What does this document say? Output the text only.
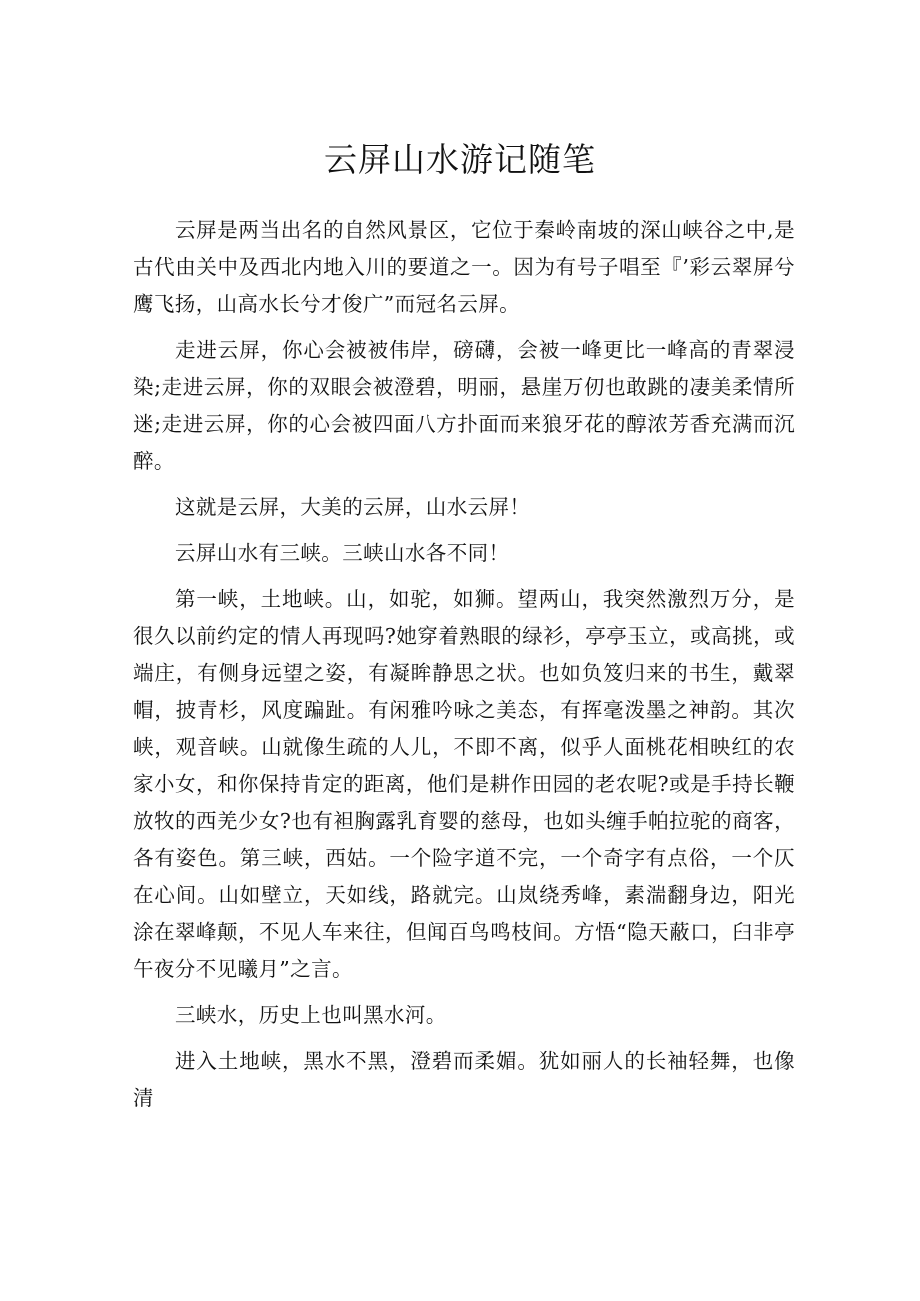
云屏山水游记随笔

云屏是两当出名的自然风景区，它位于秦岭南坡的深山峡谷之中,是古代由关中及西北内地入川的要道之一。因为有号子唱至『’彩云翠屏兮鹰飞扬，山高水长兮才俊广”而冠名云屏。

走进云屏，你心会被被伟岸，磅礴，会被一峰更比一峰高的青翠浸染;走进云屏，你的双眼会被澄碧，明丽，悬崖万仞也敢跳的凄美柔情所迷;走进云屏，你的心会被四面八方扑面而来狼牙花的醇浓芳香充满而沉醉。

这就是云屏，大美的云屏，山水云屏！

云屏山水有三峡。三峡山水各不同！

第一峡，土地峡。山，如驼，如狮。望两山，我突然激烈万分，是很久以前约定的情人再现吗?她穿着熟眼的绿衫，亭亭玉立，或高挑，或端庄，有侧身远望之姿，有凝眸静思之状。也如负笈归来的书生，戴翠帽，披青杉，风度蹁趾。有闲雅吟咏之美态，有挥毫泼墨之神韵。其次峡，观音峡。山就像生疏的人儿，不即不离，似乎人面桃花相映红的农家小女，和你保持肯定的距离，他们是耕作田园的老农呢?或是手持长鞭放牧的西羌少女?也有袒胸露乳育婴的慈母，也如头缠手帕拉驼的商客，各有姿色。第三峡，西姑。一个险字道不完，一个奇字有点俗，一个仄在心间。山如壁立，天如线，路就完。山岚绕秀峰，素湍翻身边，阳光涂在翠峰颠，不见人车来往，但闻百鸟鸣枝间。方悟“隐天蔽口，臼非亭午夜分不见曦月”之言。

三峡水，历史上也叫黑水河。

进入土地峡，黑水不黑，澄碧而柔媚。犹如丽人的长袖轻舞，也像清
